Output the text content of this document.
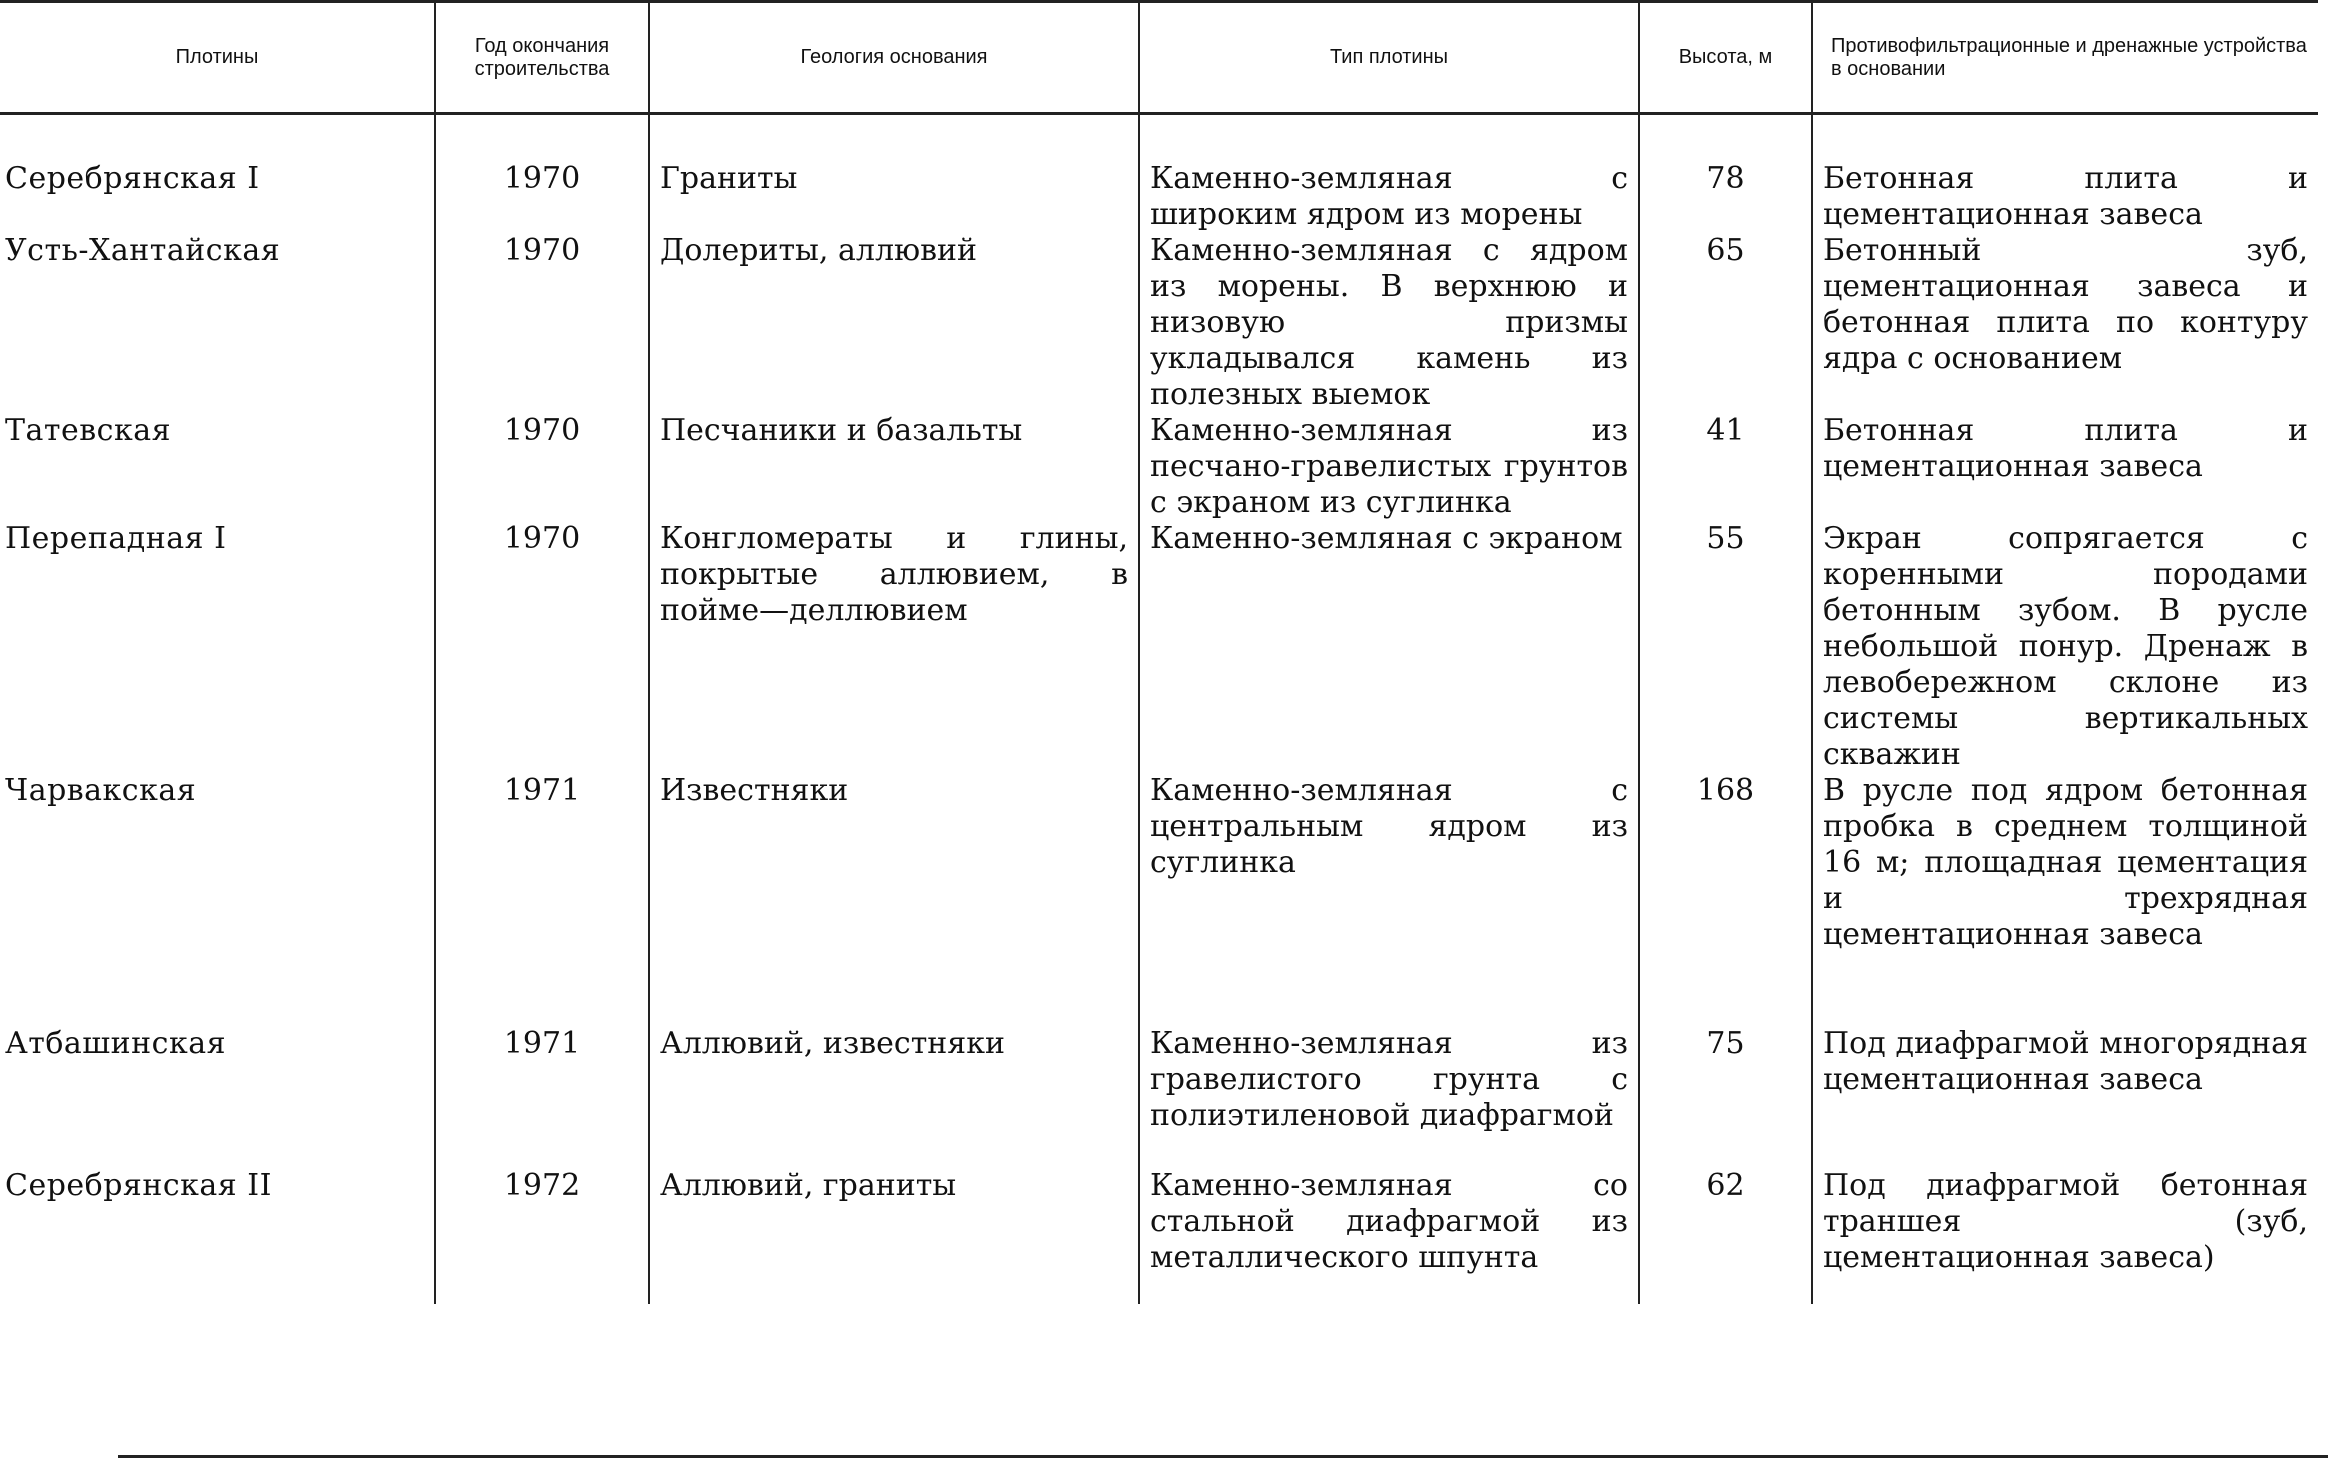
Плотины	Год окончания строительства	Геология основания	Тип плотины	Высота, м	Противофильтрационные и дренажные устройства в основании
Серебрянская I	1970	Граниты	Каменно-земляная с широким ядром из морены	78	Бетонная плита и цементационная завеса
Усть-Хантайская	1970	Долериты, аллювий	Каменно-земляная с ядром из морены. В верхнюю и низовую призмы укладывался камень из полезных выемок	65	Бетонный зуб, цементационная завеса и бетонная плита по контуру ядра с основанием
Татевская	1970	Песчаники и базальты	Каменно-земляная из песчано-гравелистых грунтов с экраном из суглинка	41	Бетонная плита и цементационная завеса
Перепадная I	1970	Конгломераты и глины, покрытые аллювием, в пойме—деллювием	Каменно-земляная с экраном	55	Экран сопрягается с коренными породами бетонным зубом. В русле небольшой понур. Дренаж в левобережном склоне из системы вертикальных скважин
Чарвакская	1971	Известняки	Каменно-земляная с центральным ядром из суглинка	168	В русле под ядром бетонная пробка в среднем толщиной 16 м; площадная цементация и трехрядная цементационная завеса
Атбашинская	1971	Аллювий, известняки	Каменно-земляная из гравелистого грунта с полиэтиленовой диафрагмой	75	Под диафрагмой многорядная цементационная завеса
Серебрянская II	1972	Аллювий, граниты	Каменно-земляная со стальной диафрагмой из металлического шпунта	62	Под диафрагмой бетонная траншея (зуб, цементационная завеса)
